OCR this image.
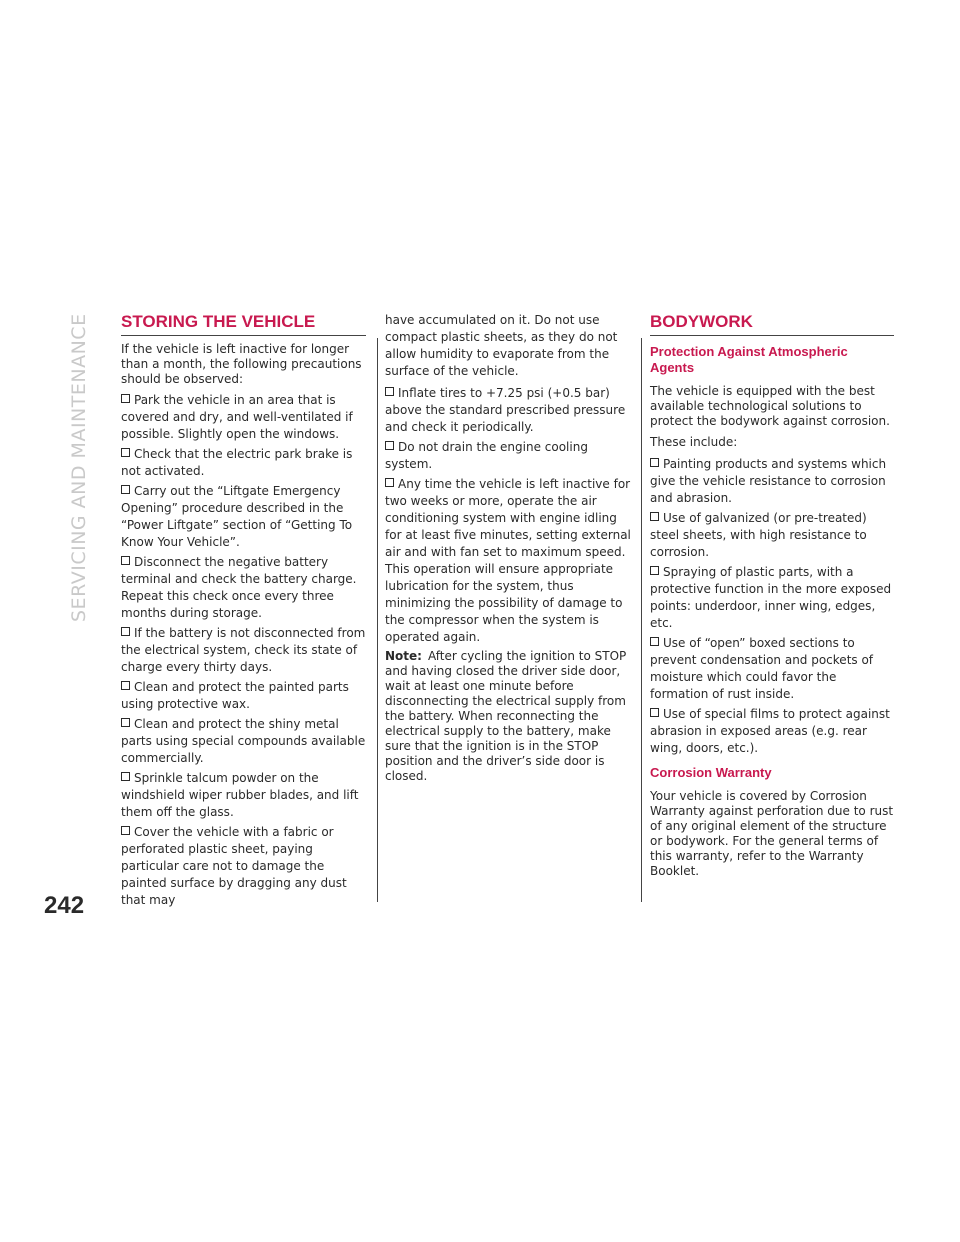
SERVICING AND MAINTENANCE
242
STORING THE VEHICLE

If the vehicle is left inactive for longer than a month, the following precautions should be observed:

Park the vehicle in an area that is covered and dry, and well-ventilated if possible. Slightly open the windows.
Check that the electric park brake is not activated.
Carry out the “Liftgate Emergency Opening” procedure described in the “Power Liftgate” section of “Getting To Know Your Vehicle”.
Disconnect the negative battery terminal and check the battery charge. Repeat this check once every three months during storage.
If the battery is not disconnected from the electrical system, check its state of charge every thirty days.
Clean and protect the painted parts using protective wax.
Clean and protect the shiny metal parts using special compounds available commercially.
Sprinkle talcum powder on the windshield wiper rubber blades, and lift them off the glass.
Cover the vehicle with a fabric or perforated plastic sheet, paying particular care not to damage the painted surface by dragging any dust that may

have accumulated on it. Do not use compact plastic sheets, as they do not allow humidity to evaporate from the surface of the vehicle.

Inflate tires to +7.25 psi (+0.5 bar) above the standard prescribed pressure and check it periodically.
Do not drain the engine cooling system.
Any time the vehicle is left inactive for two weeks or more, operate the air conditioning system with engine idling for at least five minutes, setting external air and with fan set to maximum speed. This operation will ensure appropriate lubrication for the system, thus minimizing the possibility of damage to the compressor when the system is operated again.

Note: After cycling the ignition to STOP and having closed the driver side door, wait at least one minute before disconnecting the electrical supply from the battery. When reconnecting the electrical supply to the battery, make sure that the ignition is in the STOP position and the driver’s side door is closed.

BODYWORK
Protection Against Atmospheric Agents

The vehicle is equipped with the best available technological solutions to protect the bodywork against corrosion.

These include:

Painting products and systems which give the vehicle resistance to corrosion and abrasion.
Use of galvanized (or pre-treated) steel sheets, with high resistance to corrosion.
Spraying of plastic parts, with a protective function in the more exposed points: underdoor, inner wing, edges, etc.
Use of “open” boxed sections to prevent condensation and pockets of moisture which could favor the formation of rust inside.
Use of special films to protect against abrasion in exposed areas (e.g. rear wing, doors, etc.).
Corrosion Warranty

Your vehicle is covered by Corrosion Warranty against perforation due to rust of any original element of the structure or bodywork. For the general terms of this warranty, refer to the Warranty Booklet.
